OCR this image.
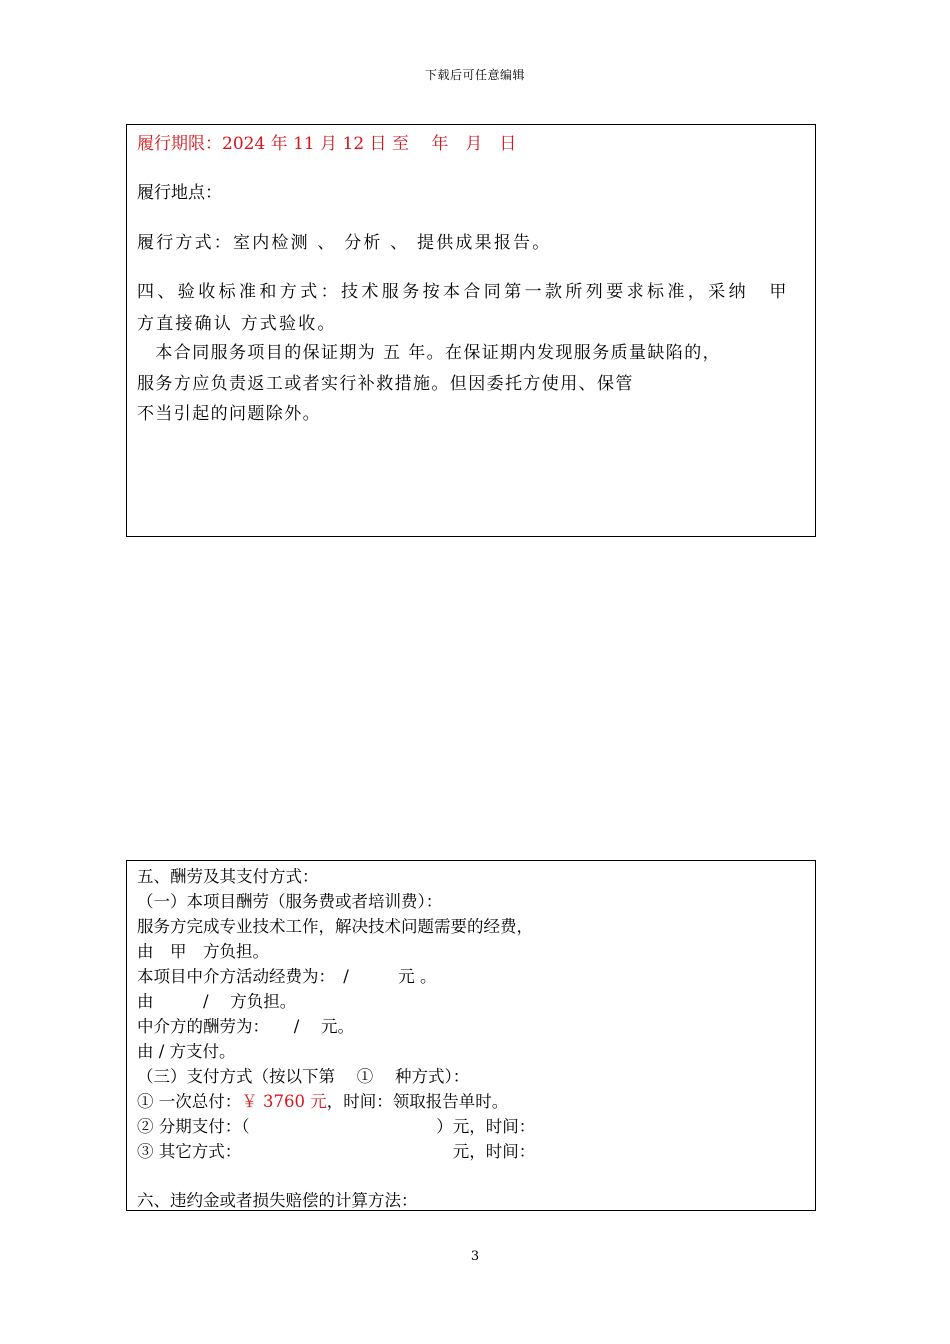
下载后可任意编辑
履行期限：2024 年 11 月 12 日 至　 年　月　日
履行地点：
履行方式：室内检测 、 分析 、 提供成果报告。
四、验收标准和方式：技术服务按本合同第一款所列要求标准，采纳　甲
方直接确认 方式验收。
　本合同服务项目的保证期为 五 年。在保证期内发现服务质量缺陷的，
服务方应负责返工或者实行补救措施。但因委托方使用、保管
不当引起的问题除外。
五、酬劳及其支付方式：
（一）本项目酬劳（服务费或者培训费）：
服务方完成专业技术工作，解决技术问题需要的经费，
由　甲　方负担。
本项目中介方活动经费为：　/　　　元 。
由　　　/　 方负担。
中介方的酬劳为：　　/　 元。
由 / 方支付。
（三）支付方式（按以下第　 ①　 种方式）：
① 一次总付：￥ 3760 元，时间：领取报告单时。
② 分期支付：（　　　　　　　　　　　 ）元，时间：
③ 其它方式：　　　　　　　　　　　　　 元，时间：
六、违约金或者损失赔偿的计算方法：
3
